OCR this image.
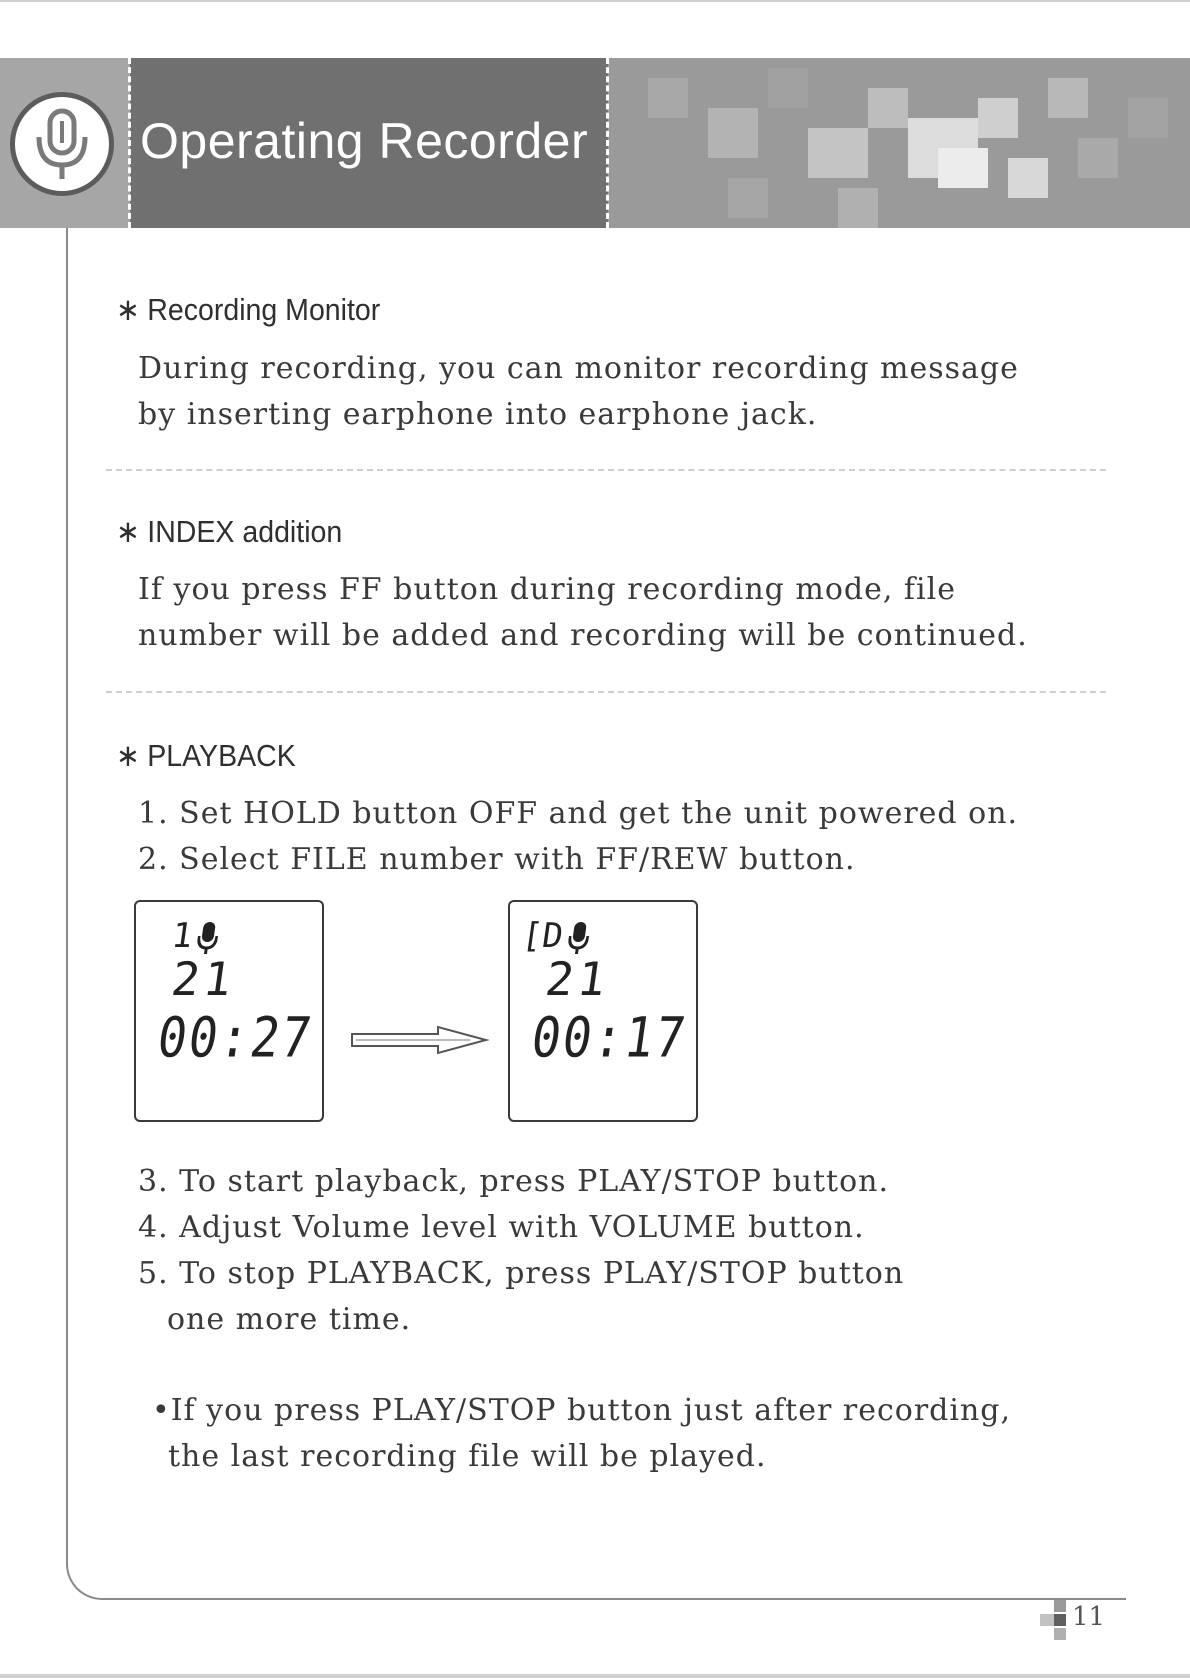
Operating Recorder
∗ Recording Monitor
During recording, you can monitor recording message
by inserting earphone into earphone jack.
∗ INDEX addition
If you press FF button during recording mode, file
number will be added and recording will be continued.
∗ PLAYBACK
1. Set HOLD button OFF and get the unit powered on.
2. Select FILE number with FF/REW button.
1
21
00:27
[D
21
00:17
3. To start playback, press PLAY/STOP button.
4. Adjust Volume level with VOLUME button.
5. To stop PLAYBACK, press PLAY/STOP button
one more time.
•If you press PLAY/STOP button just after recording,
the last recording file will be played.
11
